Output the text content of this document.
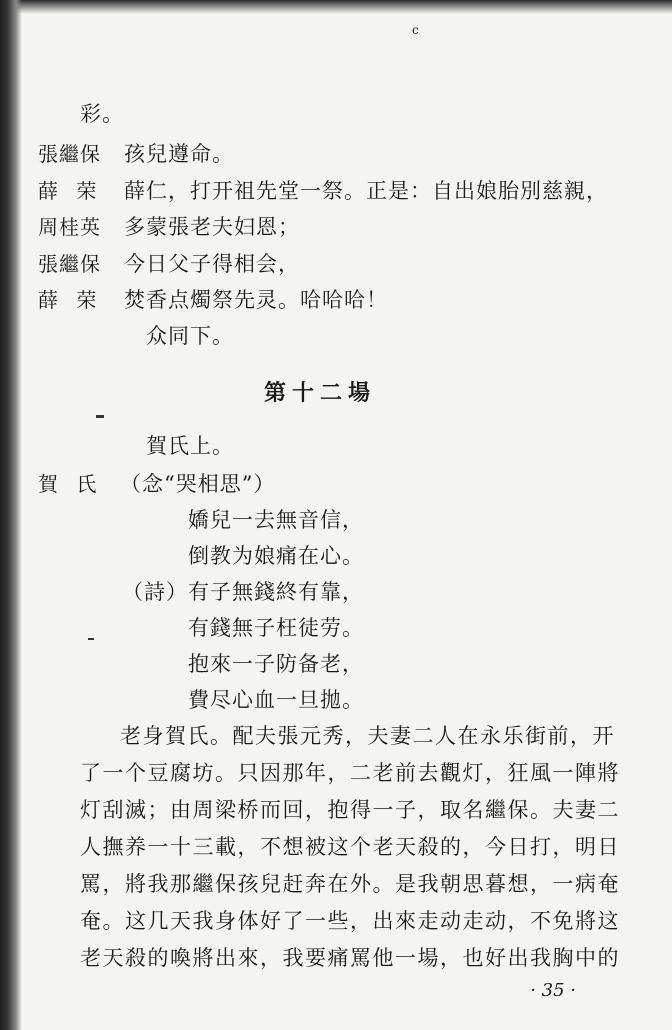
c
彩。
張繼保 孩兒遵命。
薛 荣 薛仁，打开祖先堂一祭。正是：自出娘胎別慈親，
周桂英 多蒙張老夫妇恩；
張繼保 今日父子得相会，
薛 荣 焚香点燭祭先灵。哈哈哈！
众同下。
第十二場
賀氏上。
賀 氏 （念“哭相思”）
嬌兒一去無音信，
倒教为娘痛在心。
（詩） 有子無錢終有靠，
有錢無子枉徒劳。
抱來一子防备老，
費尽心血一旦拋。
老身賀氏。配夫張元秀，夫妻二人在永乐街前，开
了一个豆腐坊。只因那年，二老前去觀灯，狂風一陣將
灯刮滅；由周梁桥而回，抱得一子，取名繼保。夫妻二
人撫养一十三載，不想被这个老天殺的，今日打，明日
罵，將我那繼保孩兒赶奔在外。是我朝思暮想，一病奄
奄。这几天我身体好了一些，出來走动走动，不免將这
老天殺的喚將出來，我要痛罵他一場，也好出我胸中的
· 35 ·
